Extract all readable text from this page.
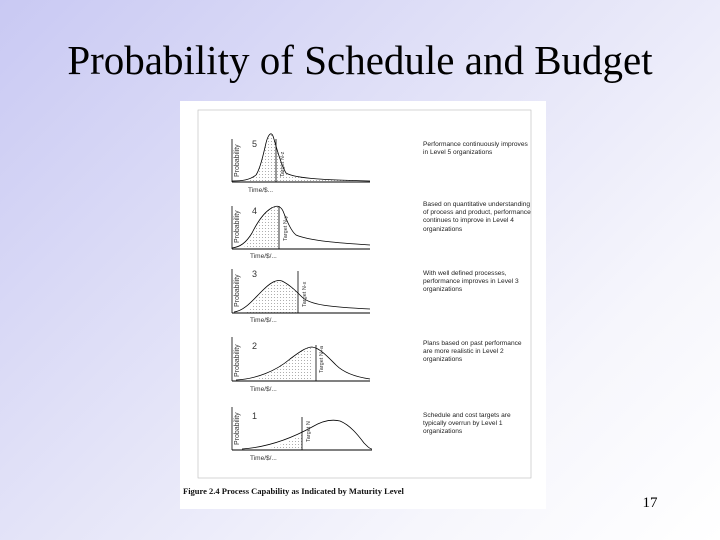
Probability of Schedule and Budget
5
4
3
2
1
Probability
Probability
Probability
Probability
Probability
Time/$...
Time/$/...
Time/$/...
Time/$/...
Time/$/...
Target N-z
Target N-y
Target N-x
Target N+a
Target N
Performance continuously improves in Level 5 organizations
Based on quantitative understanding of process and product, performance continues to improve in Level 4 organizations
With well defined processes, performance improves in Level 3 organizations
Plans based on past performance are more realistic in Level 2 organizations
Schedule and cost targets are typically overrun by Level 1 organizations
Figure 2.4 Process Capability as Indicated by Maturity Level
17
